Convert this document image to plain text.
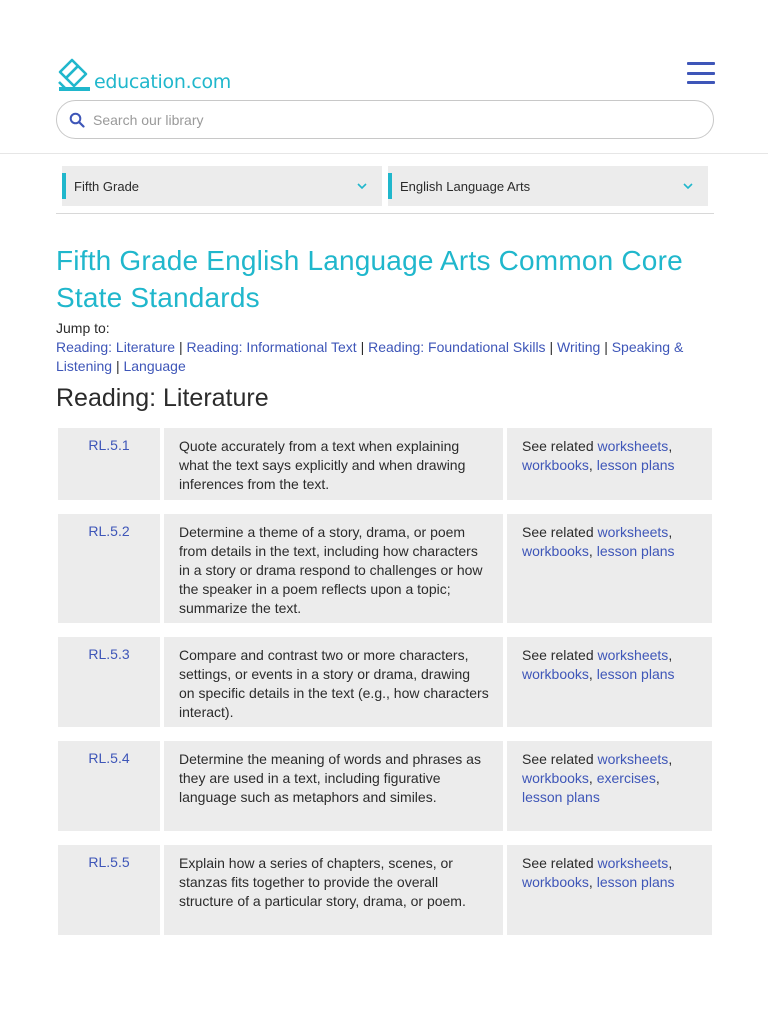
education.com
Search our library
Fifth Grade	English Language Arts
Fifth Grade English Language Arts Common Core State Standards
Jump to:
Reading: Literature | Reading: Informational Text | Reading: Foundational Skills | Writing | Speaking & Listening | Language
Reading: Literature
RL.5.1	Quote accurately from a text when explaining what the text says explicitly and when drawing inferences from the text.
See related worksheets, workbooks, lesson plans
RL.5.2	Determine a theme of a story, drama, or poem from details in the text, including how characters in a story or drama respond to challenges or how the speaker in a poem reflects upon a topic; summarize the text.
See related worksheets, workbooks, lesson plans
RL.5.3	Compare and contrast two or more characters, settings, or events in a story or drama, drawing on specific details in the text (e.g., how characters interact).
See related worksheets, workbooks, lesson plans
RL.5.4	Determine the meaning of words and phrases as they are used in a text, including figurative language such as metaphors and similes.
See related worksheets, workbooks, exercises, lesson plans
RL.5.5	Explain how a series of chapters, scenes, or stanzas fits together to provide the overall structure of a particular story, drama, or poem.
See related worksheets, workbooks, lesson plans
